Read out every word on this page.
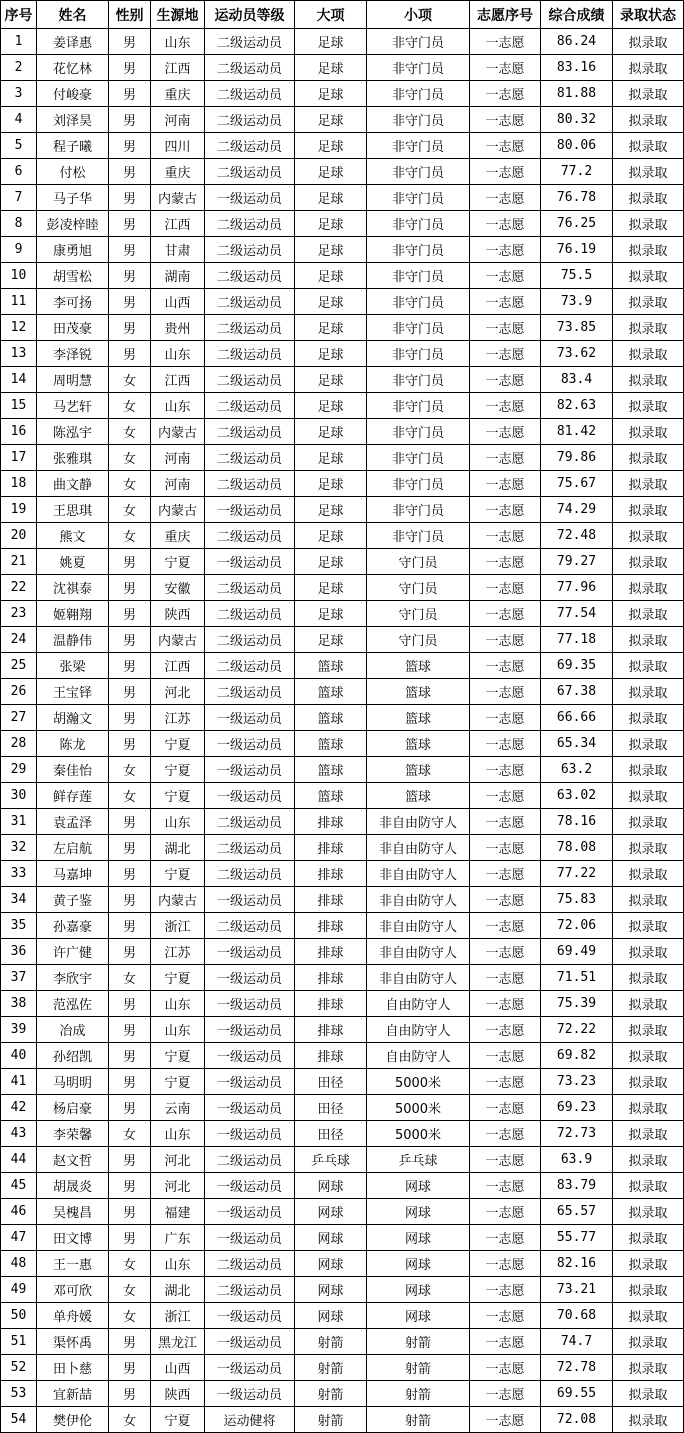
序号	姓名	性别	生源地	运动员等级	大项	小项	志愿序号	综合成绩	录取状态
1	姜译惠	男	山东	二级运动员	足球	非守门员	一志愿	86.24	拟录取
2	花忆林	男	江西	二级运动员	足球	非守门员	一志愿	83.16	拟录取
3	付峻豪	男	重庆	二级运动员	足球	非守门员	一志愿	81.88	拟录取
4	刘泽昊	男	河南	二级运动员	足球	非守门员	一志愿	80.32	拟录取
5	程子曦	男	四川	二级运动员	足球	非守门员	一志愿	80.06	拟录取
6	付松	男	重庆	二级运动员	足球	非守门员	一志愿	77.2	拟录取
7	马子华	男	内蒙古	一级运动员	足球	非守门员	一志愿	76.78	拟录取
8	彭凌梓睦	男	江西	二级运动员	足球	非守门员	一志愿	76.25	拟录取
9	康勇旭	男	甘肃	二级运动员	足球	非守门员	一志愿	76.19	拟录取
10	胡雪松	男	湖南	二级运动员	足球	非守门员	一志愿	75.5	拟录取
11	李可扬	男	山西	二级运动员	足球	非守门员	一志愿	73.9	拟录取
12	田茂豪	男	贵州	二级运动员	足球	非守门员	一志愿	73.85	拟录取
13	李泽锐	男	山东	二级运动员	足球	非守门员	一志愿	73.62	拟录取
14	周明慧	女	江西	二级运动员	足球	非守门员	一志愿	83.4	拟录取
15	马艺轩	女	山东	二级运动员	足球	非守门员	一志愿	82.63	拟录取
16	陈泓宇	女	内蒙古	二级运动员	足球	非守门员	一志愿	81.42	拟录取
17	张雅琪	女	河南	二级运动员	足球	非守门员	一志愿	79.86	拟录取
18	曲文静	女	河南	二级运动员	足球	非守门员	一志愿	75.67	拟录取
19	王思琪	女	内蒙古	一级运动员	足球	非守门员	一志愿	74.29	拟录取
20	熊文	女	重庆	二级运动员	足球	非守门员	一志愿	72.48	拟录取
21	姚夏	男	宁夏	一级运动员	足球	守门员	一志愿	79.27	拟录取
22	沈祺泰	男	安徽	二级运动员	足球	守门员	一志愿	77.96	拟录取
23	姬翱翔	男	陕西	二级运动员	足球	守门员	一志愿	77.54	拟录取
24	温静伟	男	内蒙古	二级运动员	足球	守门员	一志愿	77.18	拟录取
25	张梁	男	江西	二级运动员	篮球	篮球	一志愿	69.35	拟录取
26	王宝铎	男	河北	二级运动员	篮球	篮球	一志愿	67.38	拟录取
27	胡瀚文	男	江苏	一级运动员	篮球	篮球	一志愿	66.66	拟录取
28	陈龙	男	宁夏	一级运动员	篮球	篮球	一志愿	65.34	拟录取
29	秦佳怡	女	宁夏	一级运动员	篮球	篮球	一志愿	63.2	拟录取
30	鲜存莲	女	宁夏	一级运动员	篮球	篮球	一志愿	63.02	拟录取
31	袁孟泽	男	山东	二级运动员	排球	非自由防守人	一志愿	78.16	拟录取
32	左启航	男	湖北	二级运动员	排球	非自由防守人	一志愿	78.08	拟录取
33	马嘉坤	男	宁夏	二级运动员	排球	非自由防守人	一志愿	77.22	拟录取
34	黄子鉴	男	内蒙古	一级运动员	排球	非自由防守人	一志愿	75.83	拟录取
35	孙嘉豪	男	浙江	二级运动员	排球	非自由防守人	一志愿	72.06	拟录取
36	许广健	男	江苏	一级运动员	排球	非自由防守人	一志愿	69.49	拟录取
37	李欣宇	女	宁夏	一级运动员	排球	非自由防守人	一志愿	71.51	拟录取
38	范泓佐	男	山东	一级运动员	排球	自由防守人	一志愿	75.39	拟录取
39	冶成	男	山东	一级运动员	排球	自由防守人	一志愿	72.22	拟录取
40	孙绍凯	男	宁夏	一级运动员	排球	自由防守人	一志愿	69.82	拟录取
41	马明明	男	宁夏	一级运动员	田径	5000米	一志愿	73.23	拟录取
42	杨启豪	男	云南	一级运动员	田径	5000米	一志愿	69.23	拟录取
43	李荣馨	女	山东	一级运动员	田径	5000米	一志愿	72.73	拟录取
44	赵文哲	男	河北	二级运动员	乒乓球	乒乓球	一志愿	63.9	拟录取
45	胡晟炎	男	河北	一级运动员	网球	网球	一志愿	83.79	拟录取
46	吴槐昌	男	福建	一级运动员	网球	网球	一志愿	65.57	拟录取
47	田文博	男	广东	一级运动员	网球	网球	一志愿	55.77	拟录取
48	王一惠	女	山东	二级运动员	网球	网球	一志愿	82.16	拟录取
49	邓可欣	女	湖北	二级运动员	网球	网球	一志愿	73.21	拟录取
50	单舟媛	女	浙江	一级运动员	网球	网球	一志愿	70.68	拟录取
51	渠怀禹	男	黑龙江	一级运动员	射箭	射箭	一志愿	74.7	拟录取
52	田卜慈	男	山西	一级运动员	射箭	射箭	一志愿	72.78	拟录取
53	宜新喆	男	陕西	一级运动员	射箭	射箭	一志愿	69.55	拟录取
54	樊伊伦	女	宁夏	运动健将	射箭	射箭	一志愿	72.08	拟录取
